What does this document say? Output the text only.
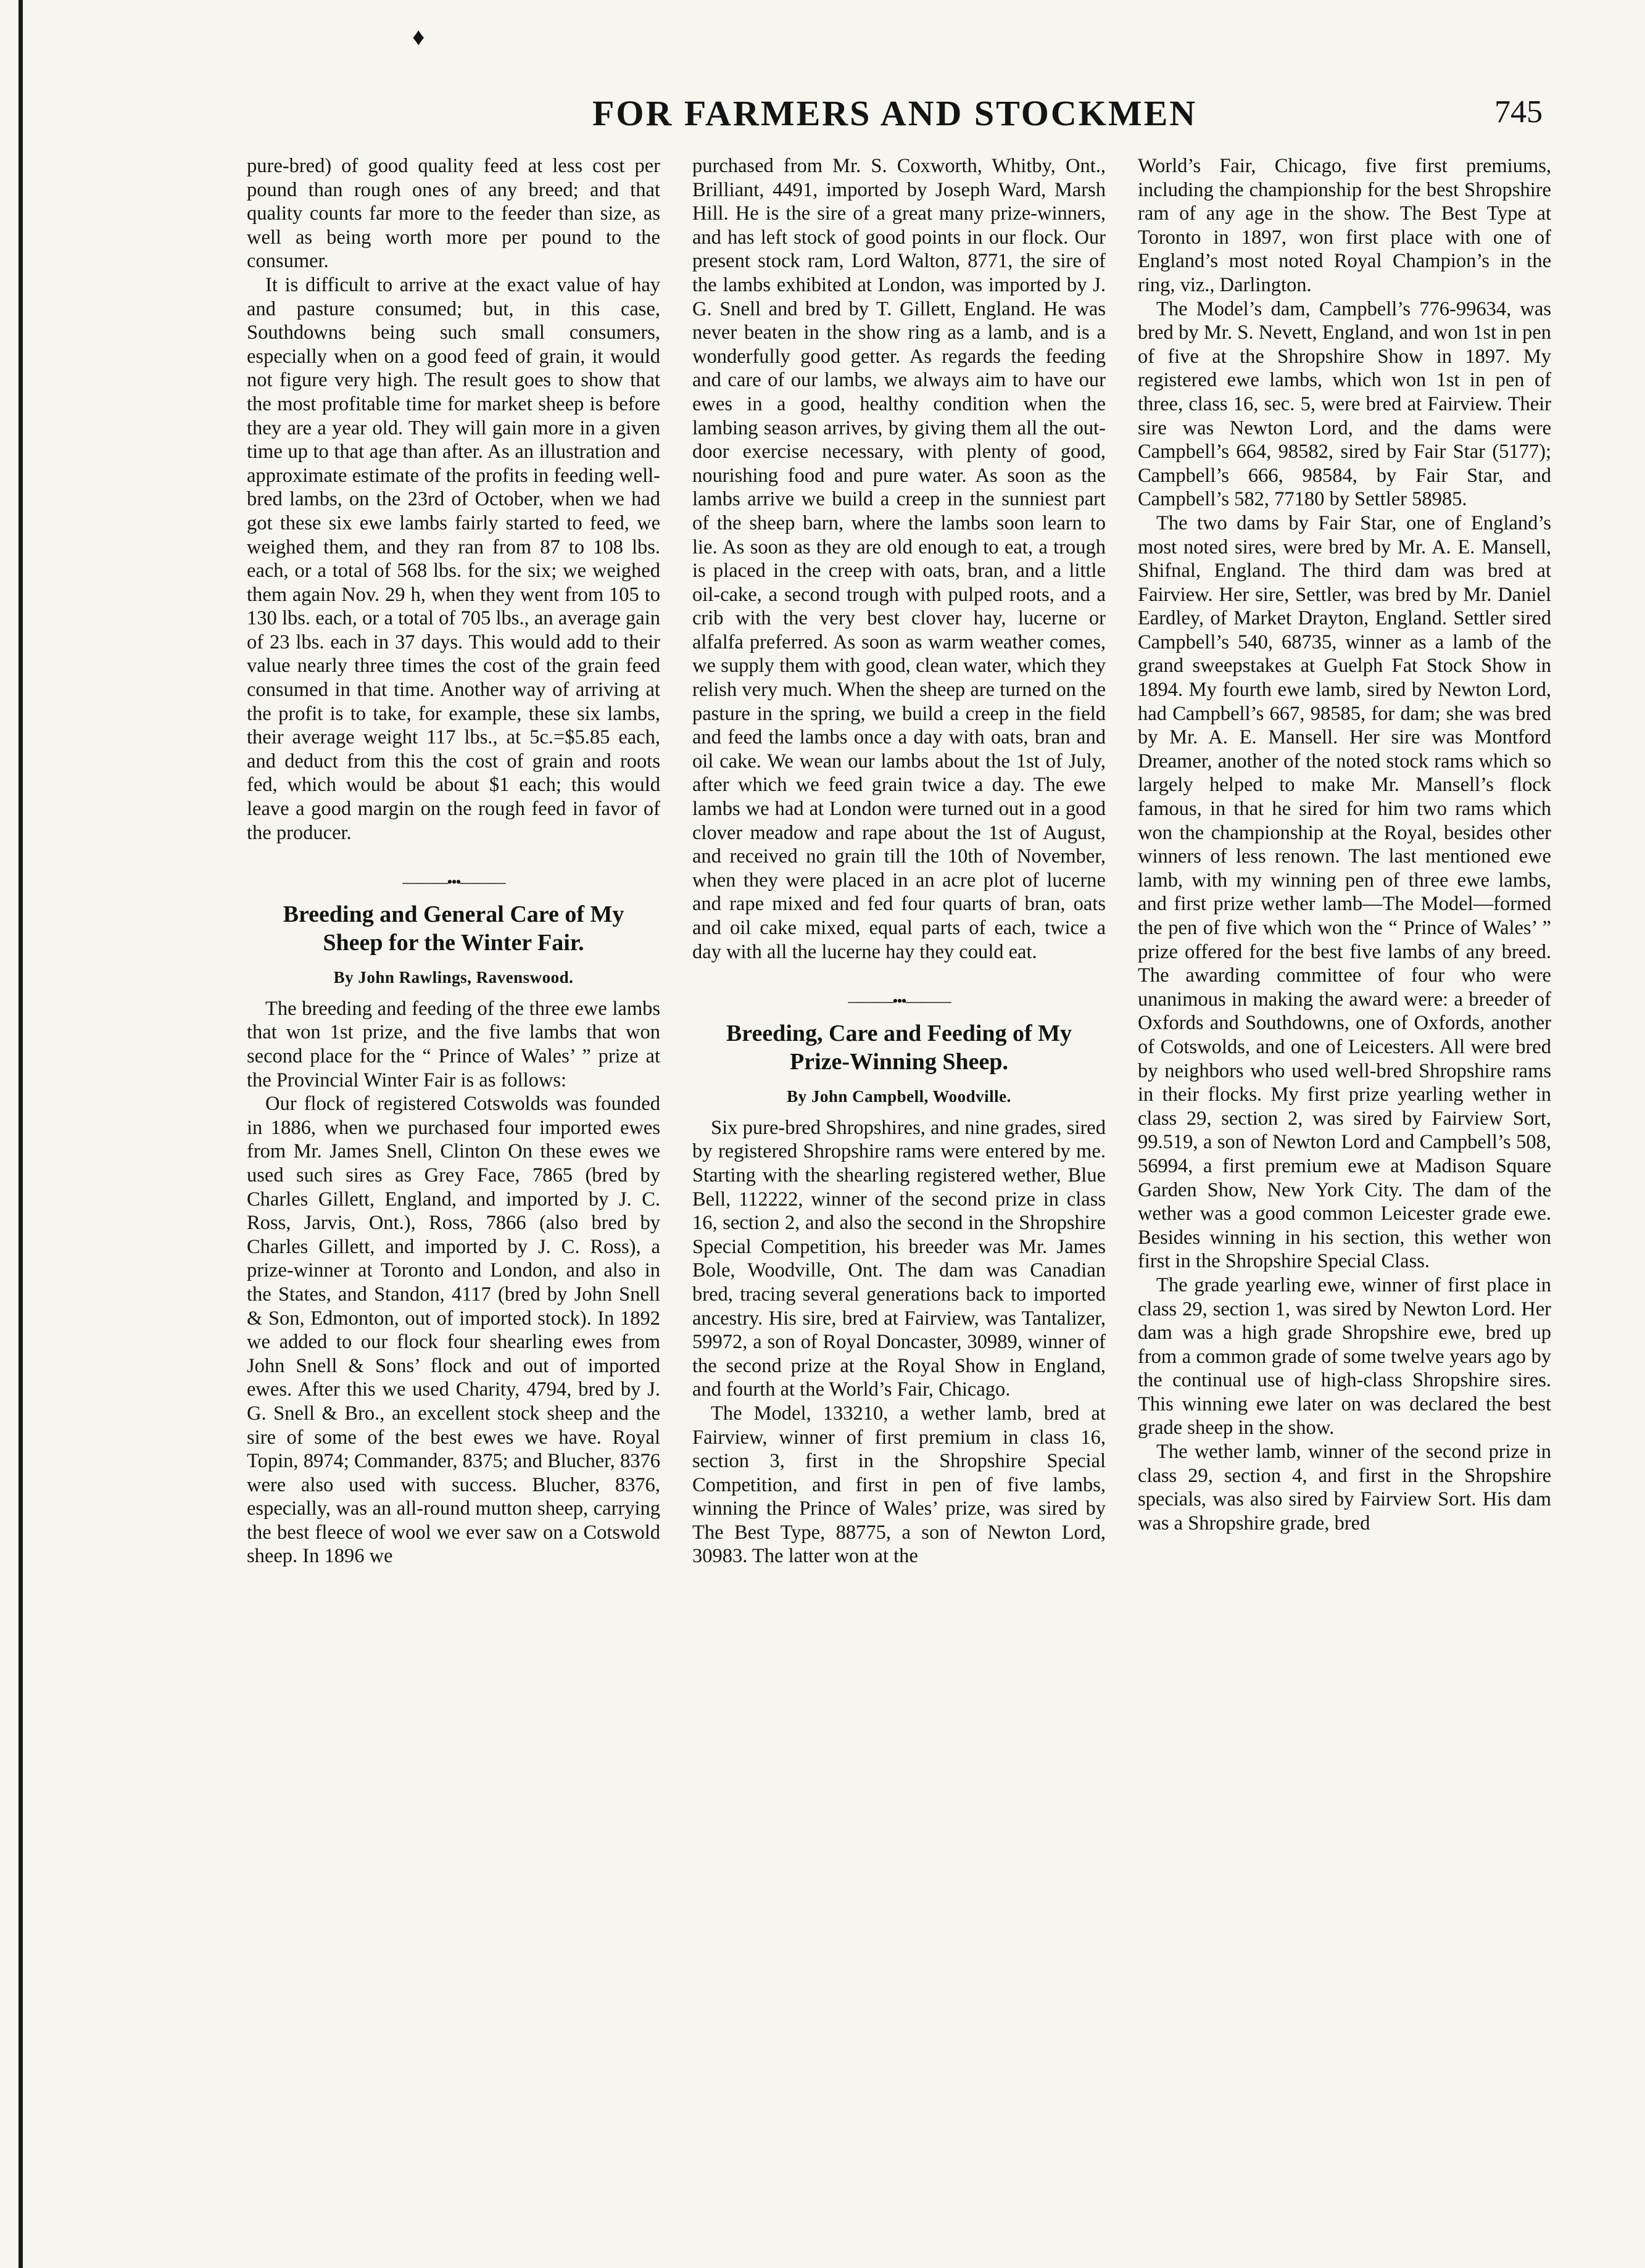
♦
FOR FARMERS AND STOCKMEN	745

pure-bred) of good quality feed at less cost per pound than rough ones of any breed; and that quality counts far more to the feeder than size, as well as being worth more per pound to the consumer.

It is difficult to arrive at the exact value of hay and pasture consumed; but, in this case, Southdowns being such small consumers, especially when on a good feed of grain, it would not figure very high. The result goes to show that the most profitable time for market sheep is before they are a year old. They will gain more in a given time up to that age than after. As an illustration and approximate estimate of the profits in feeding well-bred lambs, on the 23rd of October, when we had got these six ewe lambs fairly started to feed, we weighed them, and they ran from 87 to 108 lbs. each, or a total of 568 lbs. for the six; we weighed them again Nov. 29 h, when they went from 105 to 130 lbs. each, or a total of 705 lbs., an average gain of 23 lbs. each in 37 days. This would add to their value nearly three times the cost of the grain feed consumed in that time. Another way of arriving at the profit is to take, for example, these six lambs, their average weight 117 lbs., at 5c.=$5.85 each, and deduct from this the cost of grain and roots fed, which would be about $1 each; this would leave a good margin on the rough feed in favor of the producer.

———•••———
Breeding and General Care of My Sheep for the Winter Fair.
By John Rawlings, Ravenswood.

The breeding and feeding of the three ewe lambs that won 1st prize, and the five lambs that won second place for the “ Prince of Wales’ ” prize at the Provincial Winter Fair is as follows:

Our flock of registered Cotswolds was founded in 1886, when we purchased four imported ewes from Mr. James Snell, Clinton On these ewes we used such sires as Grey Face, 7865 (bred by Charles Gillett, England, and imported by J. C. Ross, Jarvis, Ont.), Ross, 7866 (also bred by Charles Gillett, and imported by J. C. Ross), a prize-winner at Toronto and London, and also in the States, and Standon, 4117 (bred by John Snell & Son, Edmonton, out of imported stock). In 1892 we added to our flock four shearling ewes from John Snell & Sons’ flock and out of imported ewes. After this we used Charity, 4794, bred by J. G. Snell & Bro., an excellent stock sheep and the sire of some of the best ewes we have. Royal Topin, 8974; Commander, 8375; and Blucher, 8376 were also used with success. Blucher, 8376, especially, was an all-round mutton sheep, carrying the best fleece of wool we ever saw on a Cotswold sheep. In 1896 we

purchased from Mr. S. Coxworth, Whitby, Ont., Brilliant, 4491, imported by Joseph Ward, Marsh Hill. He is the sire of a great many prize-winners, and has left stock of good points in our flock. Our present stock ram, Lord Walton, 8771, the sire of the lambs exhibited at London, was imported by J. G. Snell and bred by T. Gillett, England. He was never beaten in the show ring as a lamb, and is a wonderfully good getter. As regards the feeding and care of our lambs, we always aim to have our ewes in a good, healthy condition when the lambing season arrives, by giving them all the out-door exercise necessary, with plenty of good, nourishing food and pure water. As soon as the lambs arrive we build a creep in the sunniest part of the sheep barn, where the lambs soon learn to lie. As soon as they are old enough to eat, a trough is placed in the creep with oats, bran, and a little oil-cake, a second trough with pulped roots, and a crib with the very best clover hay, lucerne or alfalfa preferred. As soon as warm weather comes, we supply them with good, clean water, which they relish very much. When the sheep are turned on the pasture in the spring, we build a creep in the field and feed the lambs once a day with oats, bran and oil cake. We wean our lambs about the 1st of July, after which we feed grain twice a day. The ewe lambs we had at London were turned out in a good clover meadow and rape about the 1st of August, and received no grain till the 10th of November, when they were placed in an acre plot of lucerne and rape mixed and fed four quarts of bran, oats and oil cake mixed, equal parts of each, twice a day with all the lucerne hay they could eat.

———•••———
Breeding, Care and Feeding of My Prize-Winning Sheep.
By John Campbell, Woodville.

Six pure-bred Shropshires, and nine grades, sired by registered Shropshire rams were entered by me. Starting with the shearling registered wether, Blue Bell, 112222, winner of the second prize in class 16, section 2, and also the second in the Shropshire Special Competition, his breeder was Mr. James Bole, Woodville, Ont. The dam was Canadian bred, tracing several generations back to imported ancestry. His sire, bred at Fairview, was Tantalizer, 59972, a son of Royal Doncaster, 30989, winner of the second prize at the Royal Show in England, and fourth at the World’s Fair, Chicago.

The Model, 133210, a wether lamb, bred at Fairview, winner of first premium in class 16, section 3, first in the Shropshire Special Competition, and first in pen of five lambs, winning the Prince of Wales’ prize, was sired by The Best Type, 88775, a son of Newton Lord, 30983. The latter won at the

World’s Fair, Chicago, five first premiums, including the championship for the best Shropshire ram of any age in the show. The Best Type at Toronto in 1897, won first place with one of England’s most noted Royal Champion’s in the ring, viz., Darlington.

The Model’s dam, Campbell’s 776-99634, was bred by Mr. S. Nevett, England, and won 1st in pen of five at the Shropshire Show in 1897. My registered ewe lambs, which won 1st in pen of three, class 16, sec. 5, were bred at Fairview. Their sire was Newton Lord, and the dams were Campbell’s 664, 98582, sired by Fair Star (5177); Campbell’s 666, 98584, by Fair Star, and Campbell’s 582, 77180 by Settler 58985.

The two dams by Fair Star, one of England’s most noted sires, were bred by Mr. A. E. Mansell, Shifnal, England. The third dam was bred at Fairview. Her sire, Settler, was bred by Mr. Daniel Eardley, of Market Drayton, England. Settler sired Campbell’s 540, 68735, winner as a lamb of the grand sweepstakes at Guelph Fat Stock Show in 1894. My fourth ewe lamb, sired by Newton Lord, had Campbell’s 667, 98585, for dam; she was bred by Mr. A. E. Mansell. Her sire was Montford Dreamer, another of the noted stock rams which so largely helped to make Mr. Mansell’s flock famous, in that he sired for him two rams which won the championship at the Royal, besides other winners of less renown. The last mentioned ewe lamb, with my winning pen of three ewe lambs, and first prize wether lamb—The Model—formed the pen of five which won the “ Prince of Wales’ ” prize offered for the best five lambs of any breed. The awarding committee of four who were unanimous in making the award were: a breeder of Oxfords and Southdowns, one of Oxfords, another of Cotswolds, and one of Leicesters. All were bred by neighbors who used well-bred Shropshire rams in their flocks. My first prize yearling wether in class 29, section 2, was sired by Fairview Sort, 99.519, a son of Newton Lord and Campbell’s 508, 56994, a first premium ewe at Madison Square Garden Show, New York City. The dam of the wether was a good common Leicester grade ewe. Besides winning in his section, this wether won first in the Shropshire Special Class.

The grade yearling ewe, winner of first place in class 29, section 1, was sired by Newton Lord. Her dam was a high grade Shropshire ewe, bred up from a common grade of some twelve years ago by the continual use of high-class Shropshire sires. This winning ewe later on was declared the best grade sheep in the show.

The wether lamb, winner of the second prize in class 29, section 4, and first in the Shropshire specials, was also sired by Fairview Sort. His dam was a Shropshire grade, bred
